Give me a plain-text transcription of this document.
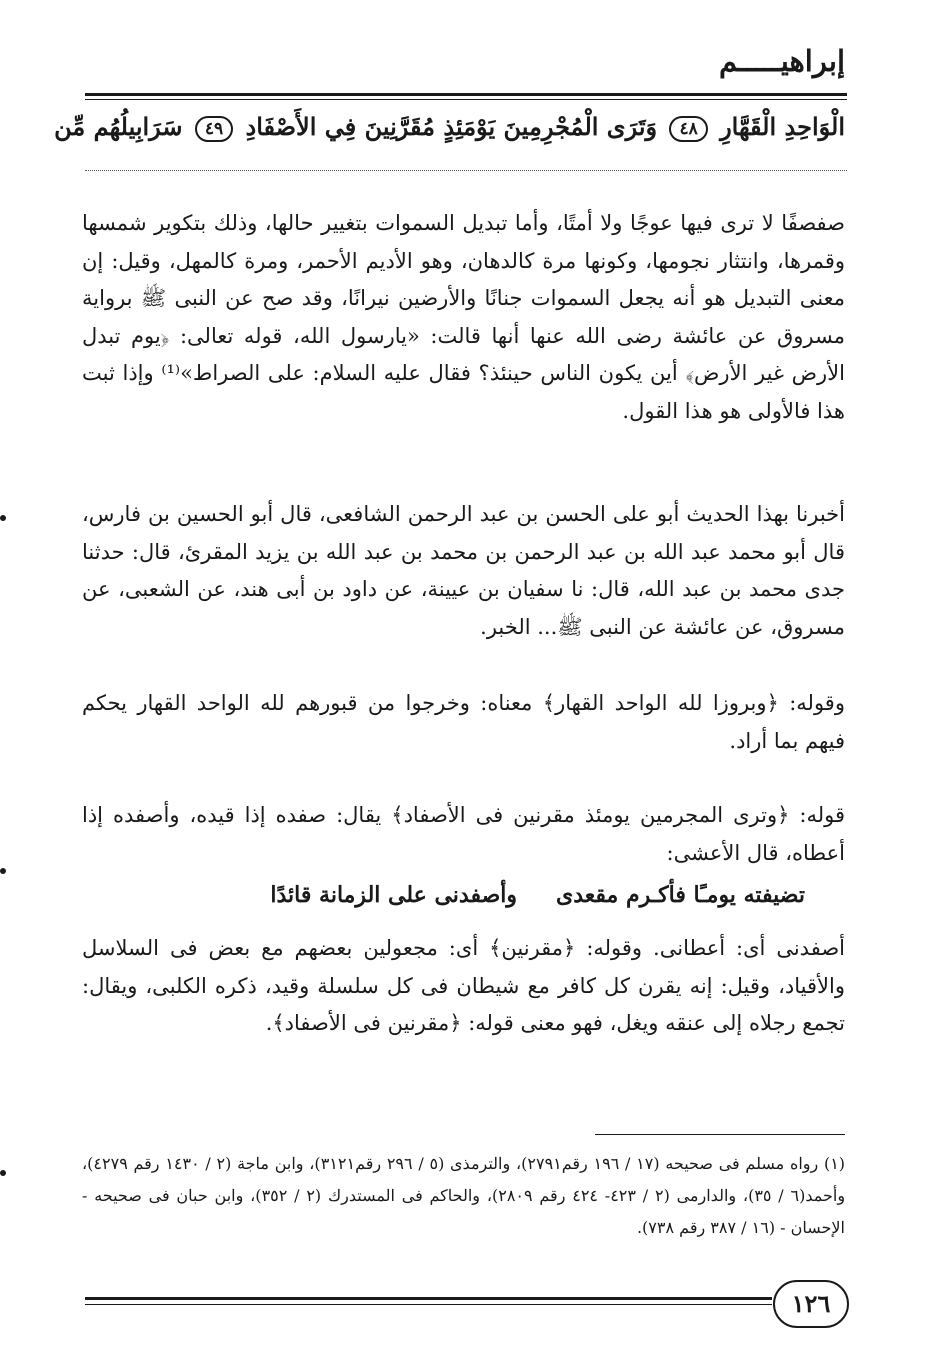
إبراهيـــــم
الْوَاحِدِ الْقَهَّارِ ٤٨ وَتَرَى الْمُجْرِمِينَ يَوْمَئِذٍ مُقَرَّنِينَ فِي الأَصْفَادِ ٤٩ سَرَابِيلُهُم مِّن
صفصفًا لا ترى فيها عوجًا ولا أمتًا، وأما تبديل السموات بتغيير حالها، وذلك بتكوير شمسها وقمرها، وانتثار نجومها، وكونها مرة كالدهان، وهو الأديم الأحمر، ومرة كالمهل، وقيل: إن معنى التبديل هو أنه يجعل السموات جنانًا والأرضين نيرانًا، وقد صح عن النبى ﷺ برواية مسروق عن عائشة رضى الله عنها أنها قالت: «يارسول الله، قوله تعالى: ﴿يوم تبدل الأرض غير الأرض﴾ أين يكون الناس حينئذ؟ فقال عليه السلام: على الصراط»⁽¹⁾ وإذا ثبت هذا فالأولى هو هذا القول.
أخبرنا بهذا الحديث أبو على الحسن بن عبد الرحمن الشافعى، قال أبو الحسين بن فارس، قال أبو محمد عبد الله بن عبد الرحمن بن محمد بن عبد الله بن يزيد المقرئ، قال: حدثنا جدى محمد بن عبد الله، قال: نا سفيان بن عيينة، عن داود بن أبى هند، عن الشعبى، عن مسروق، عن عائشة عن النبى ﷺ... الخبر.
وقوله: ﴿وبروزا لله الواحد القهار﴾ معناه: وخرجوا من قبورهم لله الواحد القهار يحكم فيهم بما أراد.
قوله: ﴿وترى المجرمين يومئذ مقرنين فى الأصفاد﴾ يقال: صفده إذا قيده، وأصفده إذا أعطاه، قال الأعشى:
تضيفته يومـًا فأكـرم مقعدى
وأصفدنى على الزمانة قائدًا
أصفدنى أى: أعطانى. وقوله: ﴿مقرنين﴾ أى: مجعولين بعضهم مع بعض فى السلاسل والأقياد، وقيل: إنه يقرن كل كافر مع شيطان فى كل سلسلة وقيد، ذكره الكلبى، ويقال: تجمع رجلاه إلى عنقه ويغل، فهو معنى قوله: ﴿مقرنين فى الأصفاد﴾.
(١) رواه مسلم فى صحيحه (١٧ / ١٩٦ رقم٢٧٩١)، والترمذى (٥ / ٢٩٦ رقم٣١٢١)، وابن ماجة (٢ / ١٤٣٠ رقم ٤٢٧٩)، وأحمد(٦ / ٣٥)، والدارمى (٢ / ٤٢٣- ٤٢٤ رقم ٢٨٠٩)، والحاكم فى المستدرك (٢ / ٣٥٢)، وابن حبان فى صحيحه - الإحسان - (١٦ / ٣٨٧ رقم ٧٣٨).
١٢٦
